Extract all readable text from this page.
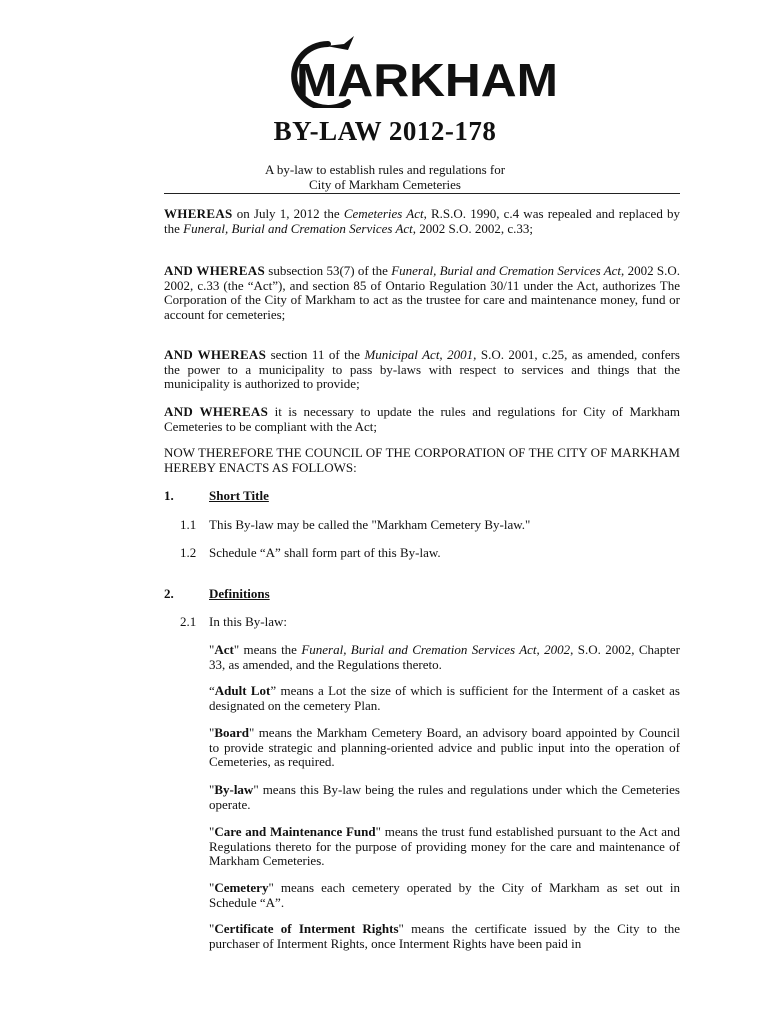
MARKHAM
BY-LAW 2012-178
A by-law to establish rules and regulations for
City of Markham Cemeteries

WHEREAS on July 1, 2012 the Cemeteries Act, R.S.O. 1990, c.4 was repealed and replaced by the Funeral, Burial and Cremation Services Act, 2002 S.O. 2002, c.33;

AND WHEREAS subsection 53(7) of the Funeral, Burial and Cremation Services Act, 2002 S.O. 2002, c.33 (the “Act”), and section 85 of Ontario Regulation 30/11 under the Act, authorizes The Corporation of the City of Markham to act as the trustee for care and maintenance money, fund or account for cemeteries;

AND WHEREAS section 11 of the Municipal Act, 2001, S.O. 2001, c.25, as amended, confers the power to a municipality to pass by-laws with respect to services and things that the municipality is authorized to provide;

AND WHEREAS it is necessary to update the rules and regulations for City of Markham Cemeteries to be compliant with the Act;

NOW THEREFORE THE COUNCIL OF THE CORPORATION OF THE CITY OF MARKHAM HEREBY ENACTS AS FOLLOWS:

1.	Short Title
1.1 This By-law may be called the "Markham Cemetery By-law."
1.2 Schedule “A” shall form part of this By-law.
2.	Definitions
2.1 In this By-law:

"Act" means the Funeral, Burial and Cremation Services Act, 2002, S.O. 2002, Chapter 33, as amended, and the Regulations thereto.

“Adult Lot” means a Lot the size of which is sufficient for the Interment of a casket as designated on the cemetery Plan.

"Board" means the Markham Cemetery Board, an advisory board appointed by Council to provide strategic and planning-oriented advice and public input into the operation of Cemeteries, as required.

"By-law" means this By-law being the rules and regulations under which the Cemeteries operate.

"Care and Maintenance Fund" means the trust fund established pursuant to the Act and Regulations thereto for the purpose of providing money for the care and maintenance of Markham Cemeteries.

"Cemetery" means each cemetery operated by the City of Markham as set out in Schedule “A”.

"Certificate of Interment Rights" means the certificate issued by the City to the purchaser of Interment Rights, once Interment Rights have been paid in
